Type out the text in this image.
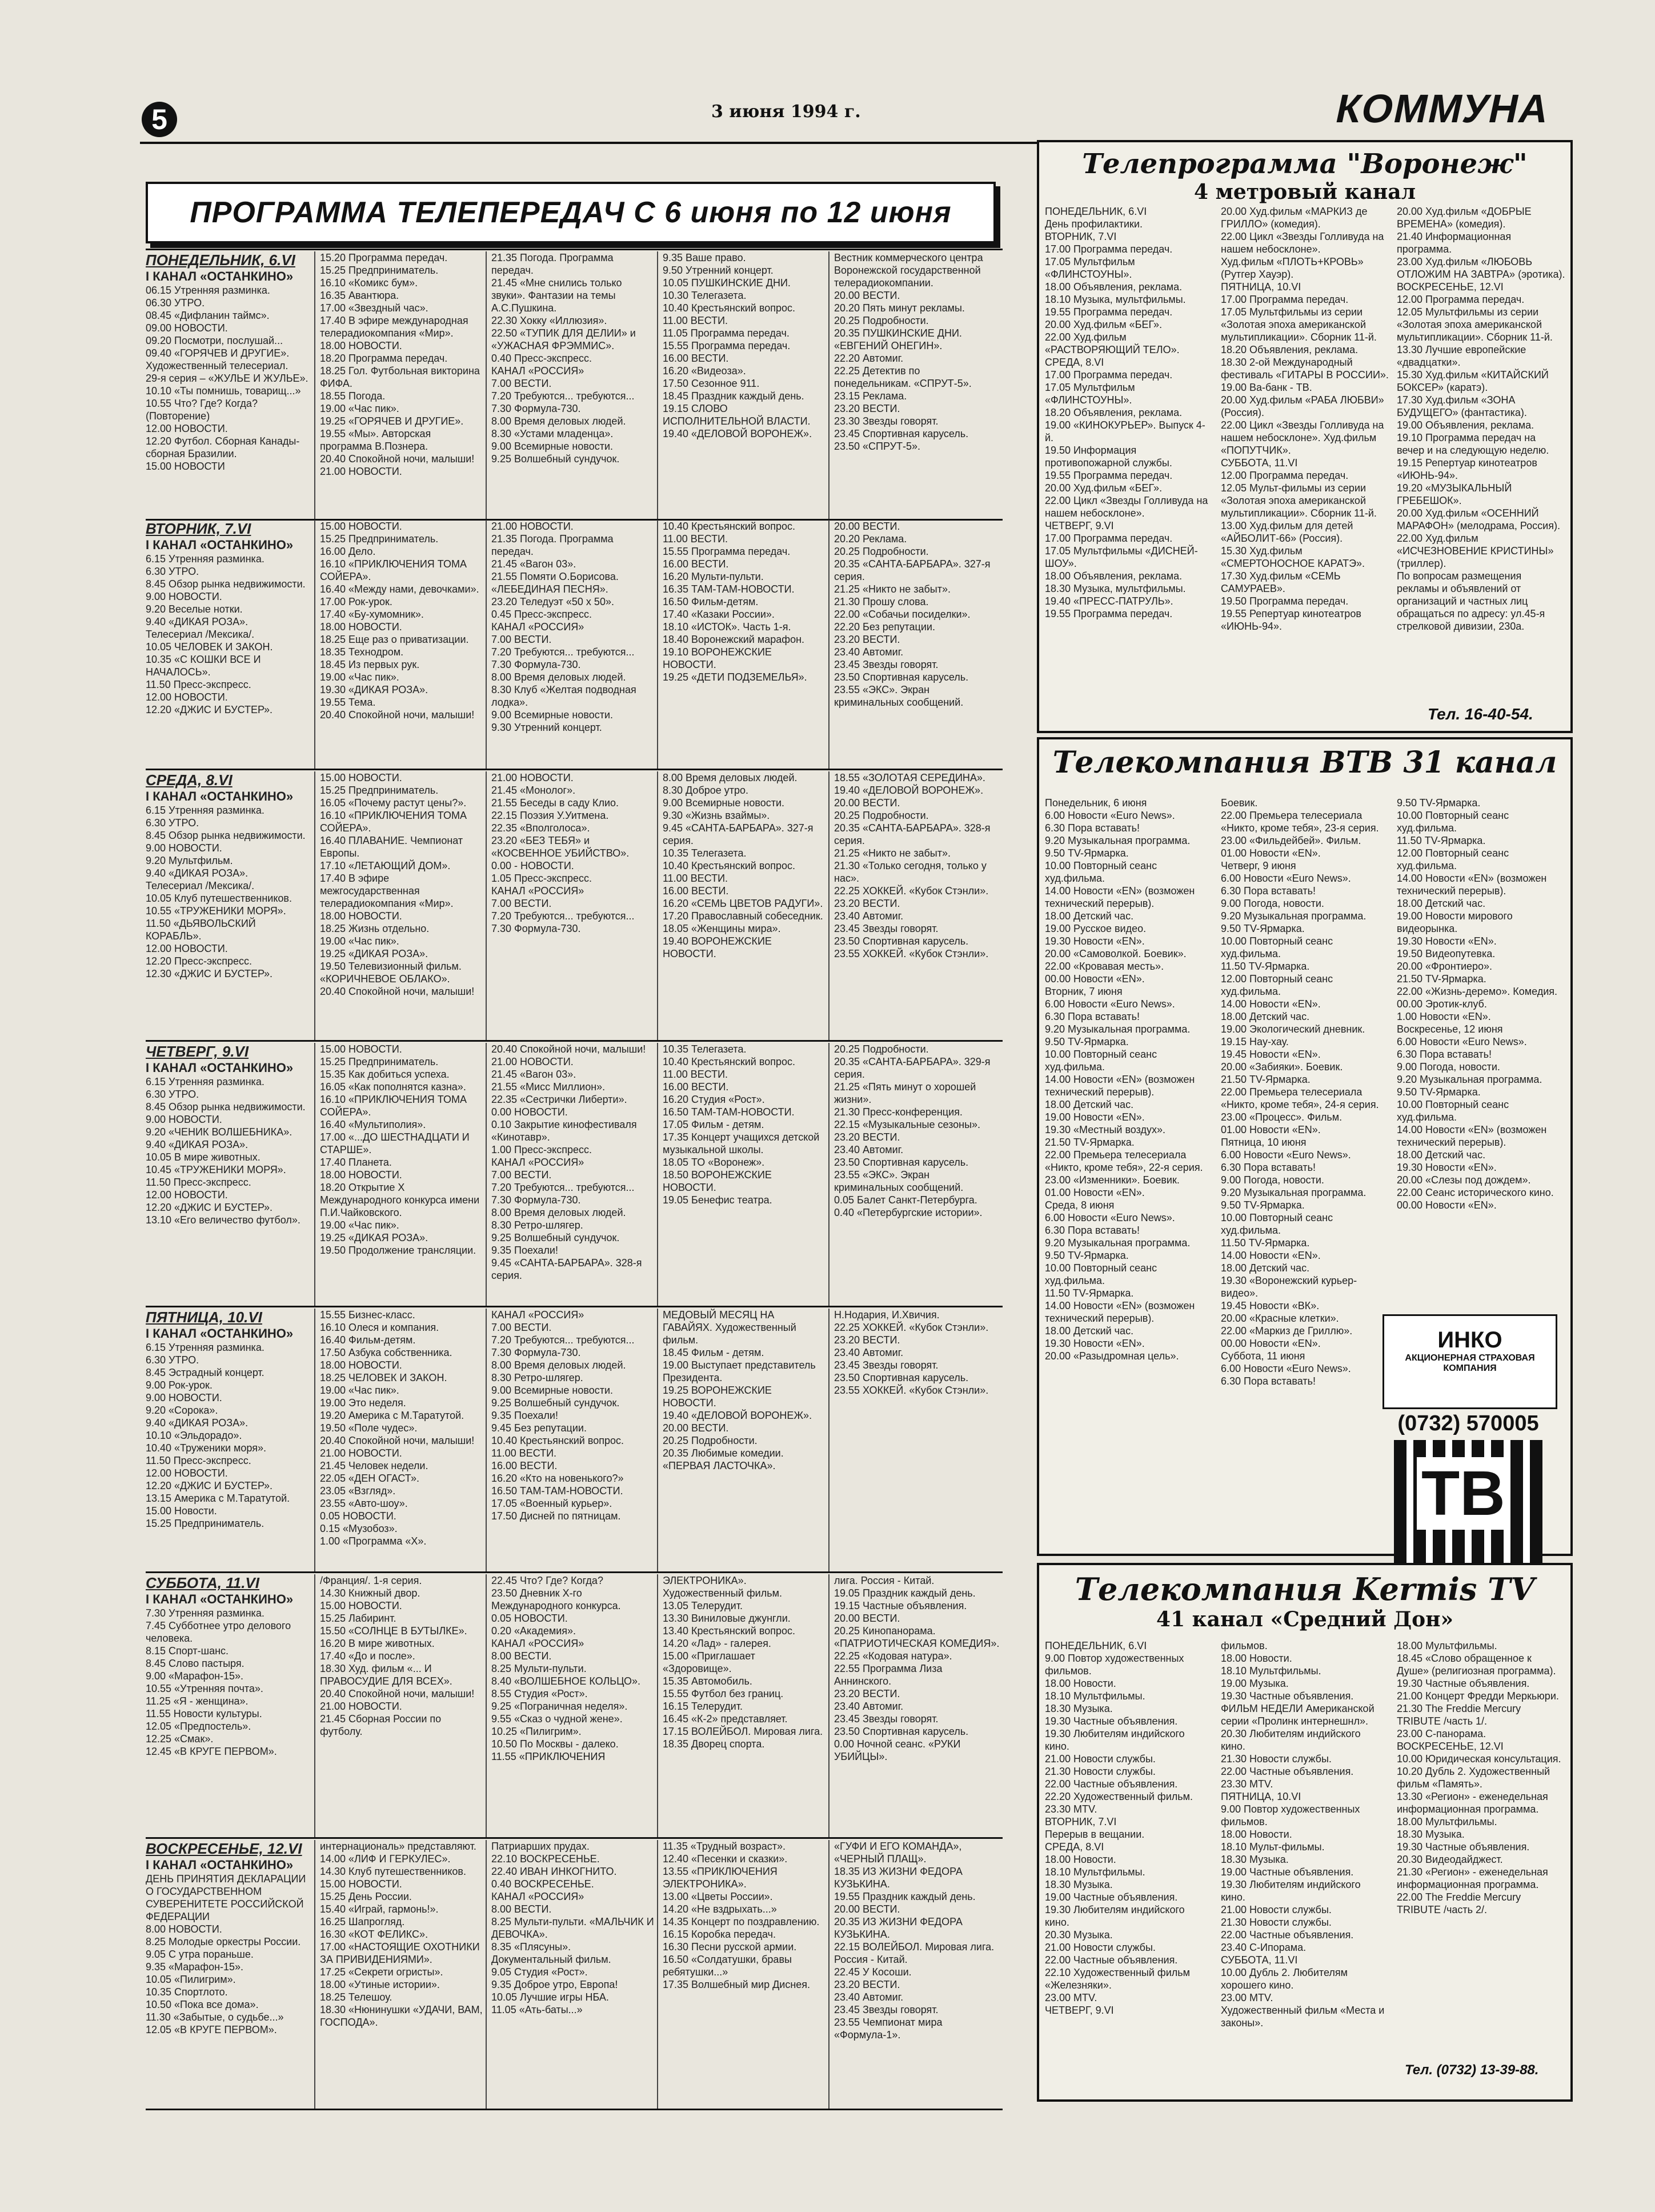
5	3 июня 1994 г.	КОММУНА
ПРОГРАММА ТЕЛЕПЕРЕДАЧ С 6 июня по 12 июня
ПОНЕДЕЛЬНИК, 6.VI
I КАНАЛ «ОСТАНКИНО»
06.15 Утренняя разминка.
06.30 УТРО.
08.45 «Дифланин таймс».
09.00 НОВОСТИ.
09.20 Посмотри, послушай...
09.40 «ГОРЯЧЕВ И ДРУГИЕ».
Художественный телесериал.
29-я серия – «ЖУЛЬЕ И ЖУЛЬЕ».
10.10 «Ты помнишь, товарищ...»
10.55 Что? Где? Когда?
(Повторение)
12.00 НОВОСТИ.
12.20 Футбол. Сборная Канады-сборная Бразилии.
15.00 НОВОСТИ
15.20 Программа передач.
15.25 Предприниматель.
16.10 «Комикс бум».
16.35 Авантюра.
17.00 «Звездный час».
17.40 В эфире международная телерадиокомпания «Мир».
18.00 НОВОСТИ.
18.20 Программа передач.
18.25 Гол. Футбольная викторина ФИФА.
18.55 Погода.
19.00 «Час пик».
19.25 «ГОРЯЧЕВ И ДРУГИЕ».
19.55 «Мы». Авторская программа В.Познера.
20.40 Спокойной ночи, малыши!
21.00 НОВОСТИ.
21.35 Погода. Программа передач.
21.45 «Мне снились только звуки». Фантазии на темы А.С.Пушкина.
22.30 Хокку «Иллюзия».
22.50 «ТУПИК ДЛЯ ДЕЛИИ» и «УЖАСНАЯ ФРЭММИС».
0.40 Пресс-экспресс.
КАНАЛ «РОССИЯ»
7.00 ВЕСТИ.
7.20 Требуются... требуются...
7.30 Формула-730.
8.00 Время деловых людей.
8.30 «Устами младенца».
9.00 Всемирные новости.
9.25 Волшебный сундучок.
9.35 Ваше право.
9.50 Утренний концерт.
10.05 ПУШКИНСКИЕ ДНИ.
10.30 Телегазета.
10.40 Крестьянский вопрос.
11.00 ВЕСТИ.
11.05 Программа передач.
15.55 Программа передач.
16.00 ВЕСТИ.
16.20 «Видеоза».
17.50 Сезонное 911.
18.45 Праздник каждый день.
19.15 СЛОВО ИСПОЛНИТЕЛЬНОЙ ВЛАСТИ.
19.40 «ДЕЛОВОЙ ВОРОНЕЖ».
Вестник коммерческого центра Воронежской государственной телерадиокомпании.
20.00 ВЕСТИ.
20.20 Пять минут рекламы.
20.25 Подробности.
20.35 ПУШКИНСКИЕ ДНИ. «ЕВГЕНИЙ ОНЕГИН».
22.20 Автомиг.
22.25 Детектив по понедельникам. «СПРУТ-5».
23.15 Реклама.
23.20 ВЕСТИ.
23.30 Звезды говорят.
23.45 Спортивная карусель.
23.50 «СПРУТ-5».
ВТОРНИК, 7.VI
I КАНАЛ «ОСТАНКИНО»
6.15 Утренняя разминка.
6.30 УТРО.
8.45 Обзор рынка недвижимости.
9.00 НОВОСТИ.
9.20 Веселые нотки.
9.40 «ДИКАЯ РОЗА».
Телесериал /Мексика/.
10.05 ЧЕЛОВЕК И ЗАКОН.
10.35 «С КОШКИ ВСЕ И НАЧАЛОСЬ».
11.50 Пресс-экспресс.
12.00 НОВОСТИ.
12.20 «ДЖИС И БУСТЕР».
15.00 НОВОСТИ.
15.25 Предприниматель.
16.00 Дело.
16.10 «ПРИКЛЮЧЕНИЯ ТОМА СОЙЕРА».
16.40 «Между нами, девочками».
17.00 Рок-урок.
17.40 «Бу-хумомник».
18.00 НОВОСТИ.
18.25 Еще раз о приватизации.
18.35 Технодром.
18.45 Из первых рук.
19.00 «Час пик».
19.30 «ДИКАЯ РОЗА».
19.55 Тема.
20.40 Спокойной ночи, малыши!
21.00 НОВОСТИ.
21.35 Погода. Программа передач.
21.45 «Вагон 03».
21.55 Помяти О.Борисова.
«ЛЕБЕДИНАЯ ПЕСНЯ».
23.20 Теледуэт «50 х 50».
0.45 Пресс-экспресс.
КАНАЛ «РОССИЯ»
7.00 ВЕСТИ.
7.20 Требуются... требуются...
7.30 Формула-730.
8.00 Время деловых людей.
8.30 Клуб «Желтая подводная лодка».
9.00 Всемирные новости.
9.30 Утренний концерт.
10.40 Крестьянский вопрос.
11.00 ВЕСТИ.
15.55 Программа передач.
16.00 ВЕСТИ.
16.20 Мульти-пульти.
16.35 ТАМ-ТАМ-НОВОСТИ.
16.50 Фильм-детям.
17.40 «Казаки России».
18.10 «ИСТОК». Часть 1-я.
18.40 Воронежский марафон.
19.10 ВОРОНЕЖСКИЕ НОВОСТИ.
19.25 «ДЕТИ ПОДЗЕМЕЛЬЯ».
20.00 ВЕСТИ.
20.20 Реклама.
20.25 Подробности.
20.35 «САНТА-БАРБАРА». 327-я серия.
21.25 «Никто не забыт».
21.30 Прошу слова.
22.00 «Собачьи посиделки».
22.20 Без репутации.
23.20 ВЕСТИ.
23.40 Автомиг.
23.45 Звезды говорят.
23.50 Спортивная карусель.
23.55 «ЭКС». Экран криминальных сообщений.
СРЕДА, 8.VI
I КАНАЛ «ОСТАНКИНО»
6.15 Утренняя разминка.
6.30 УТРО.
8.45 Обзор рынка недвижимости.
9.00 НОВОСТИ.
9.20 Мультфильм.
9.40 «ДИКАЯ РОЗА».
Телесериал /Мексика/.
10.05 Клуб путешественников.
10.55 «ТРУЖЕНИКИ МОРЯ».
11.50 «ДЬЯВОЛЬСКИЙ КОРАБЛЬ».
12.00 НОВОСТИ.
12.20 Пресс-экспресс.
12.30 «ДЖИС И БУСТЕР».
15.00 НОВОСТИ.
15.25 Предприниматель.
16.05 «Почему растут цены?».
16.10 «ПРИКЛЮЧЕНИЯ ТОМА СОЙЕРА».
16.40 ПЛАВАНИЕ. Чемпионат Европы.
17.10 «ЛЕТАЮЩИЙ ДОМ».
17.40 В эфире межгосударственная телерадиокомпания «Мир».
18.00 НОВОСТИ.
18.25 Жизнь отдельно.
19.00 «Час пик».
19.25 «ДИКАЯ РОЗА».
19.50 Телевизионный фильм.
«КОРИЧНЕВОЕ ОБЛАКО».
20.40 Спокойной ночи, малыши!
21.00 НОВОСТИ.
21.45 «Монолог».
21.55 Беседы в саду Клио.
22.15 Поэзия У.Уитмена.
22.35 «Вполголоса».
23.20 «БЕЗ ТЕБЯ» и «КОСВЕННОЕ УБИЙСТВО».
0.00 - НОВОСТИ.
1.05 Пресс-экспресс.
КАНАЛ «РОССИЯ»
7.00 ВЕСТИ.
7.20 Требуются... требуются...
7.30 Формула-730.
8.00 Время деловых людей.
8.30 Доброе утро.
9.00 Всемирные новости.
9.30 «Жизнь взаймы».
9.45 «САНТА-БАРБАРА». 327-я серия.
10.35 Телегазета.
10.40 Крестьянский вопрос.
11.00 ВЕСТИ.
16.00 ВЕСТИ.
16.20 «СЕМЬ ЦВЕТОВ РАДУГИ».
17.20 Православный собеседник.
18.05 «Женщины мира».
19.40 ВОРОНЕЖСКИЕ НОВОСТИ.
18.55 «ЗОЛОТАЯ СЕРЕДИНА».
19.40 «ДЕЛОВОЙ ВОРОНЕЖ».
20.00 ВЕСТИ.
20.25 Подробности.
20.35 «САНТА-БАРБАРА». 328-я серия.
21.25 «Никто не забыт».
21.30 «Только сегодня, только у нас».
22.25 ХОККЕЙ. «Кубок Стэнли».
23.20 ВЕСТИ.
23.40 Автомиг.
23.45 Звезды говорят.
23.50 Спортивная карусель.
23.55 ХОККЕЙ. «Кубок Стэнли».
ЧЕТВЕРГ, 9.VI
I КАНАЛ «ОСТАНКИНО»
6.15 Утренняя разминка.
6.30 УТРО.
8.45 Обзор рынка недвижимости.
9.00 НОВОСТИ.
9.20 «ЧЕНИК ВОЛШЕБНИКА».
9.40 «ДИКАЯ РОЗА».
10.05 В мире животных.
10.45 «ТРУЖЕНИКИ МОРЯ».
11.50 Пресс-экспресс.
12.00 НОВОСТИ.
12.20 «ДЖИС И БУСТЕР».
13.10 «Его величество футбол».
15.00 НОВОСТИ.
15.25 Предприниматель.
15.35 Как добиться успеха.
16.05 «Как пополнятся казна».
16.10 «ПРИКЛЮЧЕНИЯ ТОМА СОЙЕРА».
16.40 «Мультиполия».
17.00 «...ДО ШЕСТНАДЦАТИ И СТАРШЕ».
17.40 Планета.
18.00 НОВОСТИ.
18.20 Открытие Х Международного конкурса имени П.И.Чайковского.
19.00 «Час пик».
19.25 «ДИКАЯ РОЗА».
19.50 Продолжение трансляции.
20.40 Спокойной ночи, малыши!
21.00 НОВОСТИ.
21.45 «Вагон 03».
21.55 «Мисс Миллион».
22.35 «Сестрички Либерти».
0.00 НОВОСТИ.
0.10 Закрытие кинофестиваля «Кинотавр».
1.00 Пресс-экспресс.
КАНАЛ «РОССИЯ»
7.00 ВЕСТИ.
7.20 Требуются... требуются...
7.30 Формула-730.
8.00 Время деловых людей.
8.30 Ретро-шлягер.
9.25 Волшебный сундучок.
9.35 Поехали!
9.45 «САНТА-БАРБАРА». 328-я серия.
10.35 Телегазета.
10.40 Крестьянский вопрос.
11.00 ВЕСТИ.
16.00 ВЕСТИ.
16.20 Студия «Рост».
16.50 ТАМ-ТАМ-НОВОСТИ.
17.05 Фильм - детям.
17.35 Концерт учащихся детской музыкальной школы.
18.05 ТО «Воронеж».
18.50 ВОРОНЕЖСКИЕ НОВОСТИ.
19.05 Бенефис театра.
20.25 Подробности.
20.35 «САНТА-БАРБАРА». 329-я серия.
21.25 «Пять минут о хорошей жизни».
21.30 Пресс-конференция.
22.15 «Музыкальные сезоны».
23.20 ВЕСТИ.
23.40 Автомиг.
23.50 Спортивная карусель.
23.55 «ЭКС». Экран криминальных сообщений.
0.05 Балет Санкт-Петербурга.
0.40 «Петербургские истории».
ПЯТНИЦА, 10.VI
I КАНАЛ «ОСТАНКИНО»
6.15 Утренняя разминка.
6.30 УТРО.
8.45 Эстрадный концерт.
9.00 Рок-урок.
9.00 НОВОСТИ.
9.20 «Сорока».
9.40 «ДИКАЯ РОЗА».
10.10 «Эльдорадо».
10.40 «Труженики моря».
11.50 Пресс-экспресс.
12.00 НОВОСТИ.
12.20 «ДЖИС И БУСТЕР».
13.15 Америка с М.Таратутой.
15.00 Новости.
15.25 Предприниматель.
15.55 Бизнес-класс.
16.10 Олеся и компания.
16.40 Фильм-детям.
17.50 Азбука собственника.
18.00 НОВОСТИ.
18.25 ЧЕЛОВЕК И ЗАКОН.
19.00 «Час пик».
19.00 Это неделя.
19.20 Америка с М.Таратутой.
19.50 «Поле чудес».
20.40 Спокойной ночи, малыши!
21.00 НОВОСТИ.
21.45 Человек недели.
22.05 «ДЕН ОГАСТ».
23.05 «Взгляд».
23.55 «Авто-шоу».
0.05 НОВОСТИ.
0.15 «Музобоз».
1.00 «Программа «Х».
КАНАЛ «РОССИЯ»
7.00 ВЕСТИ.
7.20 Требуются... требуются...
7.30 Формула-730.
8.00 Время деловых людей.
8.30 Ретро-шлягер.
9.00 Всемирные новости.
9.25 Волшебный сундучок.
9.35 Поехали!
9.45 Без репутации.
10.40 Крестьянский вопрос.
11.00 ВЕСТИ.
16.00 ВЕСТИ.
16.20 «Кто на новенького?»
16.50 ТАМ-ТАМ-НОВОСТИ.
17.05 «Военный курьер».
17.50 Дисней по пятницам.
МЕДОВЫЙ МЕСЯЦ НА ГАВАЙЯХ. Художественный фильм.
18.45 Фильм - детям.
19.00 Выступает представитель Президента.
19.25 ВОРОНЕЖСКИЕ НОВОСТИ.
19.40 «ДЕЛОВОЙ ВОРОНЕЖ».
20.00 ВЕСТИ.
20.25 Подробности.
20.35 Любимые комедии.
«ПЕРВАЯ ЛАСТОЧКА».
Н.Нодария, И.Хвичия.
22.25 ХОККЕЙ. «Кубок Стэнли».
23.20 ВЕСТИ.
23.40 Автомиг.
23.45 Звезды говорят.
23.50 Спортивная карусель.
23.55 ХОККЕЙ. «Кубок Стэнли».
СУББОТА, 11.VI
I КАНАЛ «ОСТАНКИНО»
7.30 Утренняя разминка.
7.45 Субботнее утро делового человека.
8.15 Спорт-шанс.
8.45 Слово пастыря.
9.00 «Марафон-15».
10.55 «Утренняя почта».
11.25 «Я - женщина».
11.55 Новости культуры.
12.05 «Предпостель».
12.25 «Смак».
12.45 «В КРУГЕ ПЕРВОМ».
/Франция/. 1-я серия.
14.30 Книжный двор.
15.00 НОВОСТИ.
15.25 Лабиринт.
15.50 «СОЛНЦЕ В БУТЫЛКЕ».
16.20 В мире животных.
17.40 «До и после».
18.30 Худ. фильм «... И ПРАВОСУДИЕ ДЛЯ ВСЕХ».
20.40 Спокойной ночи, малыши!
21.00 НОВОСТИ.
21.45 Сборная России по футболу.
22.45 Что? Где? Когда?
23.50 Дневник Х-го Международного конкурса.
0.05 НОВОСТИ.
0.20 «Академия».
КАНАЛ «РОССИЯ»
8.00 ВЕСТИ.
8.25 Мульти-пульти.
8.40 «ВОЛШЕБНОЕ КОЛЬЦО».
8.55 Студия «Рост».
9.25 «Пограничная неделя».
9.55 «Сказ о чудной жене».
10.25 «Пилигрим».
10.50 По Москвы - далеко.
11.55 «ПРИКЛЮЧЕНИЯ
ЭЛЕКТРОНИКА». Художественный фильм.
13.05 Телерудит.
13.30 Виниловые джунгли.
13.40 Крестьянский вопрос.
14.20 «Лад» - галерея.
15.00 «Приглашает «Здоровище».
15.35 Автомобиль.
15.55 Футбол без границ.
16.15 Телерудит.
16.45 «К-2» представляет.
17.15 ВОЛЕЙБОЛ. Мировая лига.
18.35 Дворец спорта.
лига. Россия - Китай.
19.05 Праздник каждый день.
19.15 Частные объявления.
20.00 ВЕСТИ.
20.25 Кинопанорама.
«ПАТРИОТИЧЕСКАЯ КОМЕДИЯ».
22.25 «Кодовая натура».
22.55 Программа Лиза Аннинского.
23.20 ВЕСТИ.
23.40 Автомиг.
23.45 Звезды говорят.
23.50 Спортивная карусель.
0.00 Ночной сеанс. «РУКИ УБИЙЦЫ».
ВОСКРЕСЕНЬЕ, 12.VI
I КАНАЛ «ОСТАНКИНО»
ДЕНЬ ПРИНЯТИЯ ДЕКЛАРАЦИИ О ГОСУДАРСТВЕННОМ СУВЕРЕНИТЕТЕ РОССИЙСКОЙ ФЕДЕРАЦИИ
8.00 НОВОСТИ.
8.25 Молодые оркестры России.
9.05 С утра пораньше.
9.35 «Марафон-15».
10.05 «Пилигрим».
10.35 Спортлото.
10.50 «Пока все дома».
11.30 «Забытые, о судьбе...»
12.05 «В КРУГЕ ПЕРВОМ».
интернациональ» представляют.
14.00 «ЛИФ И ГЕРКУЛЕС».
14.30 Клуб путешественников.
15.00 НОВОСТИ.
15.25 День России.
15.40 «Играй, гармонь!».
16.25 Шапрогляд.
16.30 «КОТ ФЕЛИКС».
17.00 «НАСТОЯЩИЕ ОХОТНИКИ ЗА ПРИВИДЕНИЯМИ».
17.25 «Секрети огристы».
18.00 «Утиные истории».
18.25 Телешоу.
18.30 «Нюнинушки «УДАЧИ, ВАМ, ГОСПОДА».
Патриарших прудах.
22.10 ВОСКРЕСЕНЬЕ.
22.40 ИВАН ИНКОГНИТО.
0.40 ВОСКРЕСЕНЬЕ.
КАНАЛ «РОССИЯ»
8.00 ВЕСТИ.
8.25 Мульти-пульти. «МАЛЬЧИК И ДЕВОЧКА».
8.35 «Плясуны». Документальный фильм.
9.05 Студия «Рост».
9.35 Доброе утро, Европа!
10.05 Лучшие игры НБА.
11.05 «Ать-баты...»
11.35 «Трудный возраст».
12.40 «Песенки и сказки».
13.55 «ПРИКЛЮЧЕНИЯ ЭЛЕКТРОНИКА».
13.00 «Цветы России».
14.20 «Не вздрыхать...»
14.35 Концерт по поздравлению.
16.15 Коробка передач.
16.30 Песни русской армии.
16.50 «Солдатушки, бравы ребятушки...»
17.35 Волшебный мир Диснея.
«ГУФИ И ЕГО КОМАНДА», «ЧЕРНЫЙ ПЛАЩ».
18.35 ИЗ ЖИЗНИ ФЕДОРА КУЗЬКИНА.
19.55 Праздник каждый день.
20.00 ВЕСТИ.
20.35 ИЗ ЖИЗНИ ФЕДОРА КУЗЬКИНА.
22.15 ВОЛЕЙБОЛ. Мировая лига. Россия - Китай.
22.45 У Косоши.
23.20 ВЕСТИ.
23.40 Автомиг.
23.45 Звезды говорят.
23.55 Чемпионат мира «Формула-1».
Телепрограмма "Воронеж"
4 метровый канал
ПОНЕДЕЛЬНИК, 6.VI
День профилактики.
ВТОРНИК, 7.VI
17.00 Программа передач.
17.05 Мультфильм «ФЛИНСТОУНЫ».
18.00 Объявления, реклама.
18.10 Музыка, мультфильмы.
19.55 Программа передач.
20.00 Худ.фильм «БЕГ».
22.00 Худ.фильм «РАСТВОРЯЮЩИЙ ТЕЛО».
СРЕДА, 8.VI
17.00 Программа передач.
17.05 Мультфильм «ФЛИНСТОУНЫ».
18.20 Объявления, реклама.
19.00 «КИНОКУРЬЕР». Выпуск 4-й.
19.50 Информация противопожарной службы.
19.55 Программа передач.
20.00 Худ.фильм «БЕГ».
22.00 Цикл «Звезды Голливуда на нашем небосклоне».
ЧЕТВЕРГ, 9.VI
17.00 Программа передач.
17.05 Мультфильмы «ДИСНЕЙ-ШОУ».
18.00 Объявления, реклама.
18.30 Музыка, мультфильмы.
19.40 «ПРЕСС-ПАТРУЛЬ».
19.55 Программа передач.
20.00 Худ.фильм «МАРКИЗ де ГРИЛЛО» (комедия).
22.00 Цикл «Звезды Голливуда на нашем небосклоне».
Худ.фильм «ПЛОТЬ+КРОВЬ» (Рутгер Хауэр).
ПЯТНИЦА, 10.VI
17.00 Программа передач.
17.05 Мультфильмы из серии «Золотая эпоха американской мультипликации». Сборник 11-й.
18.20 Объявления, реклама.
18.30 2-ой Международный фестиваль «ГИТАРЫ В РОССИИ».
19.00 Ва-банк - ТВ.
20.00 Худ.фильм «РАБА ЛЮБВИ» (Россия).
22.00 Цикл «Звезды Голливуда на нашем небосклоне». Худ.фильм «ПОПУТЧИК».
СУББОТА, 11.VI
12.00 Программа передач.
12.05 Мульт-фильмы из серии «Золотая эпоха американской мультипликации». Сборник 11-й.
13.00 Худ.фильм для детей «АЙБОЛИТ-66» (Россия).
15.30 Худ.фильм «СМЕРТОНОСНОЕ КАРАТЭ».
17.30 Худ.фильм «СЕМЬ САМУРАЕВ».
19.50 Программа передач.
19.55 Репертуар кинотеатров «ИЮНЬ-94».
20.00 Худ.фильм «ДОБРЫЕ ВРЕМЕНА» (комедия).
21.40 Информационная программа.
23.00 Худ.фильм «ЛЮБОВЬ ОТЛОЖИМ НА ЗАВТРА» (эротика).
ВОСКРЕСЕНЬЕ, 12.VI
12.00 Программа передач.
12.05 Мультфильмы из серии «Золотая эпоха американской мультипликации». Сборник 11-й.
13.30 Лучшие европейские «двадцатки».
15.30 Худ.фильм «КИТАЙСКИЙ БОКСЕР» (каратэ).
17.30 Худ.фильм «ЗОНА БУДУЩЕГО» (фантастика).
19.00 Объявления, реклама.
19.10 Программа передач на вечер и на следующую неделю.
19.15 Репертуар кинотеатров «ИЮНЬ-94».
19.20 «МУЗЫКАЛЬНЫЙ ГРЕБЕШОК».
20.00 Худ.фильм «ОСЕННИЙ МАРАФОН» (мелодрама, Россия).
22.00 Худ.фильм «ИСЧЕЗНОВЕНИЕ КРИСТИНЫ» (триллер).
По вопросам размещения рекламы и объявлений от организаций и частных лиц обращаться по адресу: ул.45-я стрелковой дивизии, 230а.
Тел. 16-40-54.
Телекомпания ВТВ 31 канал
Понедельник, 6 июня
6.00 Новости «Euro News».
6.30 Пора вставать!
9.20 Музыкальная программа.
9.50 TV-Ярмарка.
10.00 Повторный сеанс худ.фильма.
14.00 Новости «EN» (возможен технический перерыв).
18.00 Детский час.
19.00 Русское видео.
19.30 Новости «EN».
20.00 «Самоволкой. Боевик».
22.00 «Кровавая месть».
00.00 Новости «EN».
Вторник, 7 июня
6.00 Новости «Euro News».
6.30 Пора вставать!
9.20 Музыкальная программа.
9.50 TV-Ярмарка.
10.00 Повторный сеанс худ.фильма.
14.00 Новости «EN» (возможен технический перерыв).
18.00 Детский час.
19.00 Новости «EN».
19.30 «Местный воздух».
21.50 TV-Ярмарка.
22.00 Премьера телесериала «Никто, кроме тебя», 22-я серия.
23.00 «Изменники». Боевик.
01.00 Новости «EN».
Среда, 8 июня
6.00 Новости «Euro News».
6.30 Пора вставать!
9.20 Музыкальная программа.
9.50 TV-Ярмарка.
10.00 Повторный сеанс худ.фильма.
11.50 TV-Ярмарка.
14.00 Новости «EN» (возможен технический перерыв).
18.00 Детский час.
19.30 Новости «EN».
20.00 «Разыдромная цель».
Боевик.
22.00 Премьера телесериала «Никто, кроме тебя», 23-я серия.
23.00 «Фильдейбей». Фильм.
01.00 Новости «EN».
Четверг, 9 июня
6.00 Новости «Euro News».
6.30 Пора вставать!
9.00 Погода, новости.
9.20 Музыкальная программа.
9.50 TV-Ярмарка.
10.00 Повторный сеанс худ.фильма.
11.50 TV-Ярмарка.
12.00 Повторный сеанс худ.фильма.
14.00 Новости «EN».
18.00 Детский час.
19.00 Экологический дневник.
19.15 Hay-хау.
19.45 Новости «EN».
20.00 «Забияки». Боевик.
21.50 TV-Ярмарка.
22.00 Премьера телесериала «Никто, кроме тебя», 24-я серия.
23.00 «Процесс». Фильм.
01.00 Новости «EN».
Пятница, 10 июня
6.00 Новости «Euro News».
6.30 Пора вставать!
9.00 Погода, новости.
9.20 Музыкальная программа.
9.50 TV-Ярмарка.
10.00 Повторный сеанс худ.фильма.
11.50 TV-Ярмарка.
14.00 Новости «EN».
18.00 Детский час.
19.30 «Воронежский курьер-видео».
19.45 Новости «ВК».
20.00 «Красные клетки».
22.00 «Маркиз де Гриллю».
00.00 Новости «EN».
Суббота, 11 июня
6.00 Новости «Euro News».
6.30 Пора вставать!
9.50 TV-Ярмарка.
10.00 Повторный сеанс худ.фильма.
11.50 TV-Ярмарка.
12.00 Повторный сеанс худ.фильма.
14.00 Новости «EN» (возможен технический перерыв).
18.00 Детский час.
19.00 Новости мирового видеорынка.
19.30 Новости «EN».
19.50 Видеопутевка.
20.00 «Фронтиеро».
21.50 TV-Ярмарка.
22.00 «Жизнь-деремо». Комедия.
00.00 Эротик-клуб.
1.00 Новости «EN».
Воскресенье, 12 июня
6.00 Новости «Euro News».
6.30 Пора вставать!
9.00 Погода, новости.
9.20 Музыкальная программа.
9.50 TV-Ярмарка.
10.00 Повторный сеанс худ.фильма.
14.00 Новости «EN» (возможен технический перерыв).
18.00 Детский час.
19.30 Новости «EN».
20.00 «Слезы под дождем».
22.00 Сеанс исторического кино.
00.00 Новости «EN».
ИНКО
АКЦИОНЕРНАЯ СТРАХОВАЯ КОМПАНИЯ
(0732) 570005
ТВ
Телекомпания Kermis TV
41 канал «Средний Дон»
ПОНЕДЕЛЬНИК, 6.VI
9.00 Повтор художественных фильмов.
18.00 Новости.
18.10 Мультфильмы.
18.30 Музыка.
19.30 Частные объявления.
19.30 Любителям индийского кино.
21.00 Новости службы.
21.30 Новости службы.
22.00 Частные объявления.
22.20 Художественный фильм.
23.30 MTV.
ВТОРНИК, 7.VI
Перерыв в вещании.
СРЕДА, 8.VI
18.00 Новости.
18.10 Мультфильмы.
18.30 Музыка.
19.00 Частные объявления.
19.30 Любителям индийского кино.
20.30 Музыка.
21.00 Новости службы.
22.00 Частные объявления.
22.10 Художественный фильм «Железняки».
23.00 MTV.
ЧЕТВЕРГ, 9.VI
фильмов.
18.00 Новости.
18.10 Мультфильмы.
19.00 Музыка.
19.30 Частные объявления.
ФИЛЬМ НЕДЕЛИ Американской серии «Пролинк интернешнл».
20.30 Любителям индийского кино.
21.30 Новости службы.
22.00 Частные объявления.
23.30 MTV.
ПЯТНИЦА, 10.VI
9.00 Повтор художественных фильмов.
18.00 Новости.
18.10 Мульт-фильмы.
18.30 Музыка.
19.00 Частные объявления.
19.30 Любителям индийского кино.
21.00 Новости службы.
21.30 Новости службы.
22.00 Частные объявления.
23.40 С-Ипорама.
СУББОТА, 11.VI
10.00 Дубль 2. Любителям хорошего кино.
23.00 MTV.
Художественный фильм «Места и законы».
18.00 Мультфильмы.
18.45 «Слово обращенное к Душе» (религиозная программа).
19.30 Частные объявления.
21.00 Концерт Фредди Меркьюри.
21.30 The Freddie Mercury TRIBUTE /часть 1/.
23.00 С-панорама.
ВОСКРЕСЕНЬЕ, 12.VI
10.00 Юридическая консультация.
10.20 Дубль 2. Художественный фильм «Память».
13.30 «Регион» - еженедельная информационная программа.
18.00 Мультфильмы.
18.30 Музыка.
19.30 Частные объявления.
20.30 Видеодайджест.
21.30 «Регион» - еженедельная информационная программа.
22.00 The Freddie Mercury TRIBUTE /часть 2/.
Тел. (0732) 13-39-88.
